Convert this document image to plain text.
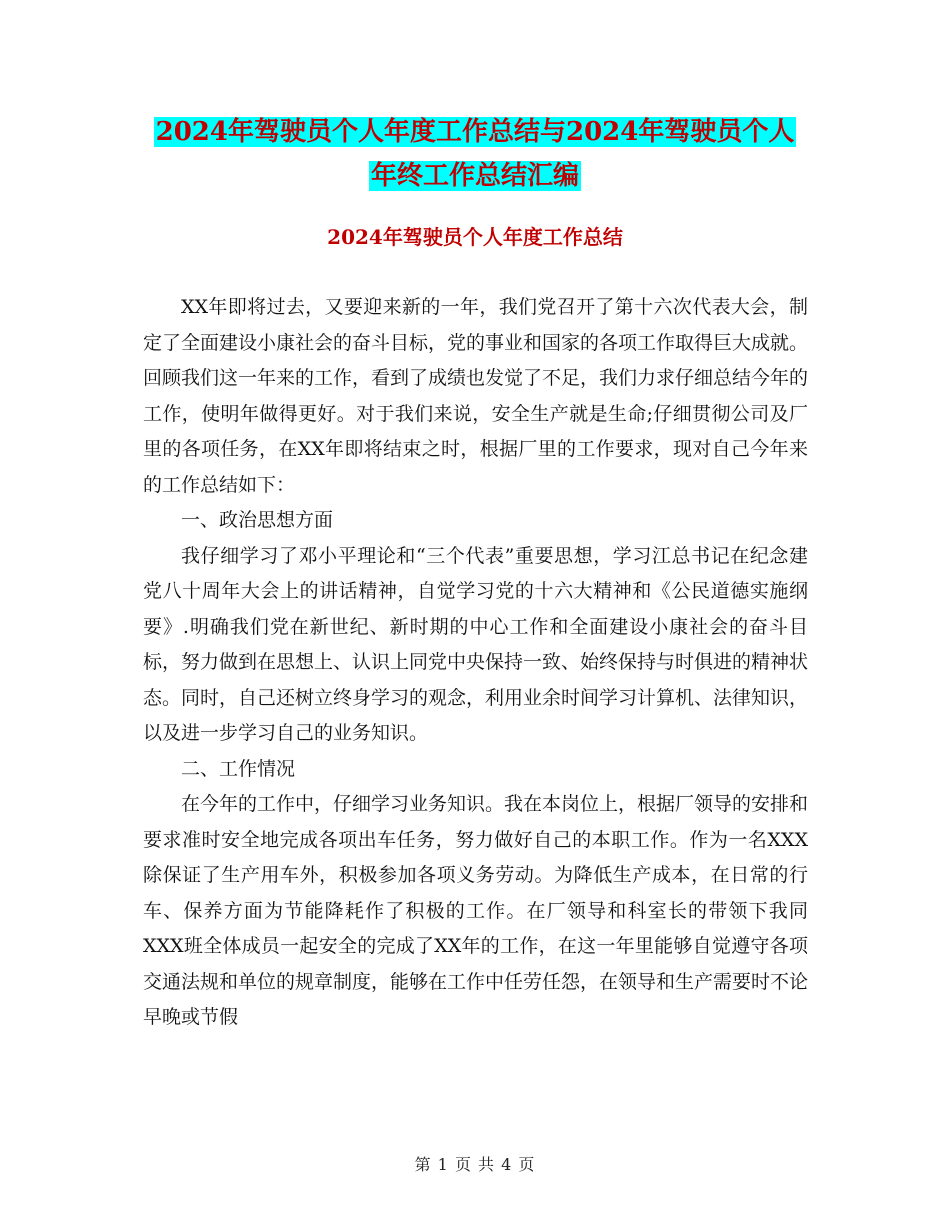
2024年驾驶员个人年度工作总结与2024年驾驶员个人
年终工作总结汇编
2024年驾驶员个人年度工作总结

XX年即将过去，又要迎来新的一年，我们党召开了第十六次代表大会，制定了全面建设小康社会的奋斗目标，党的事业和国家的各项工作取得巨大成就。回顾我们这一年来的工作，看到了成绩也发觉了不足，我们力求仔细总结今年的工作，使明年做得更好。对于我们来说，安全生产就是生命;仔细贯彻公司及厂里的各项任务，在XX年即将结束之时，根据厂里的工作要求，现对自己今年来的工作总结如下：

一、政治思想方面

我仔细学习了邓小平理论和“三个代表”重要思想，学习江总书记在纪念建党八十周年大会上的讲话精神，自觉学习党的十六大精神和《公民道德实施纲要》.明确我们党在新世纪、新时期的中心工作和全面建设小康社会的奋斗目标，努力做到在思想上、认识上同党中央保持一致、始终保持与时俱进的精神状态。同时，自己还树立终身学习的观念，利用业余时间学习计算机、法律知识，以及进一步学习自己的业务知识。

二、工作情况

在今年的工作中，仔细学习业务知识。我在本岗位上，根据厂领导的安排和要求准时安全地完成各项出车任务，努力做好自己的本职工作。作为一名XXX除保证了生产用车外，积极参加各项义务劳动。为降低生产成本，在日常的行车、保养方面为节能降耗作了积极的工作。在厂领导和科室长的带领下我同XXX班全体成员一起安全的完成了XX年的工作，在这一年里能够自觉遵守各项交通法规和单位的规章制度，能够在工作中任劳任怨，在领导和生产需要时不论早晚或节假

第 1 页 共 4 页
